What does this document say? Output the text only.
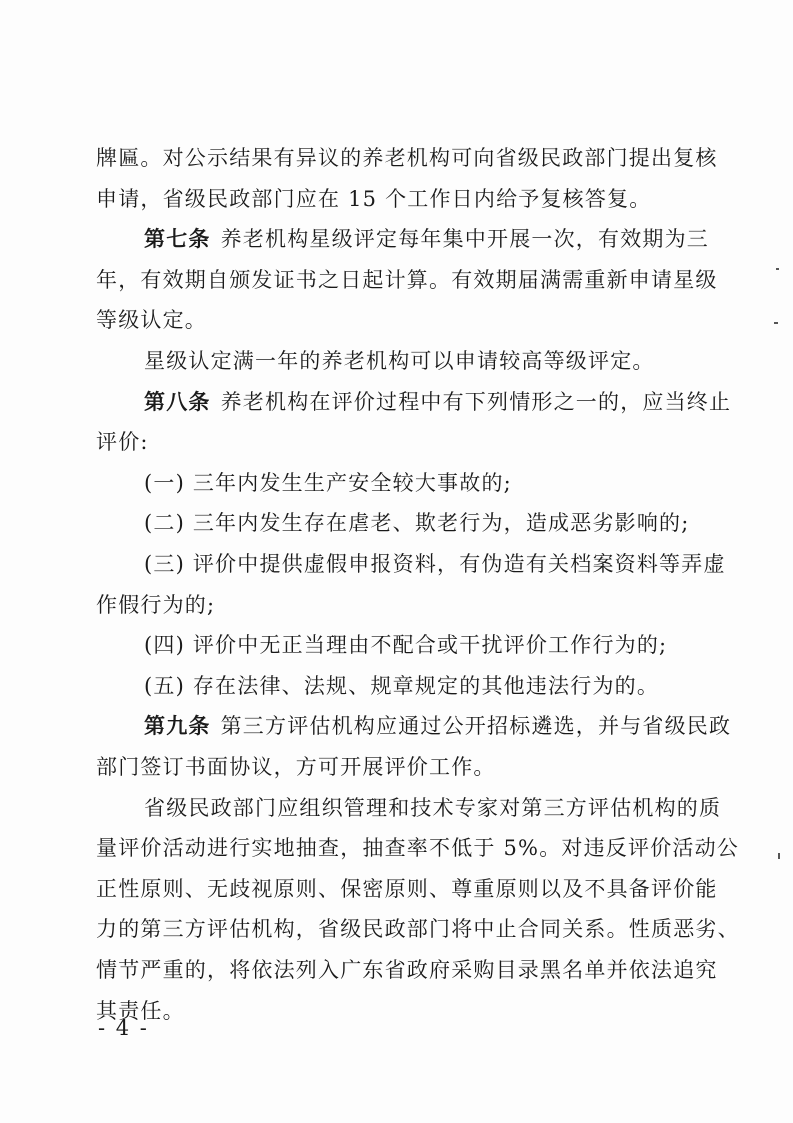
- 4 -
牌匾。对公示结果有异议的养老机构可向省级民政部门提出复核
申请，省级民政部门应在 15 个工作日内给予复核答复。
第七条 养老机构星级评定每年集中开展一次，有效期为三
年，有效期自颁发证书之日起计算。有效期届满需重新申请星级
等级认定。
星级认定满一年的养老机构可以申请较高等级评定。
第八条 养老机构在评价过程中有下列情形之一的，应当终止
评价:
(一) 三年内发生生产安全较大事故的;
(二) 三年内发生存在虐老、欺老行为，造成恶劣影响的;
(三) 评价中提供虚假申报资料，有伪造有关档案资料等弄虚
作假行为的;
(四) 评价中无正当理由不配合或干扰评价工作行为的;
(五) 存在法律、法规、规章规定的其他违法行为的。
第九条 第三方评估机构应通过公开招标遴选，并与省级民政
部门签订书面协议，方可开展评价工作。
省级民政部门应组织管理和技术专家对第三方评估机构的质
量评价活动进行实地抽查，抽查率不低于 5%。对违反评价活动公
正性原则、无歧视原则、保密原则、尊重原则以及不具备评价能
力的第三方评估机构，省级民政部门将中止合同关系。性质恶劣、
情节严重的，将依法列入广东省政府采购目录黑名单并依法追究
其责任。
